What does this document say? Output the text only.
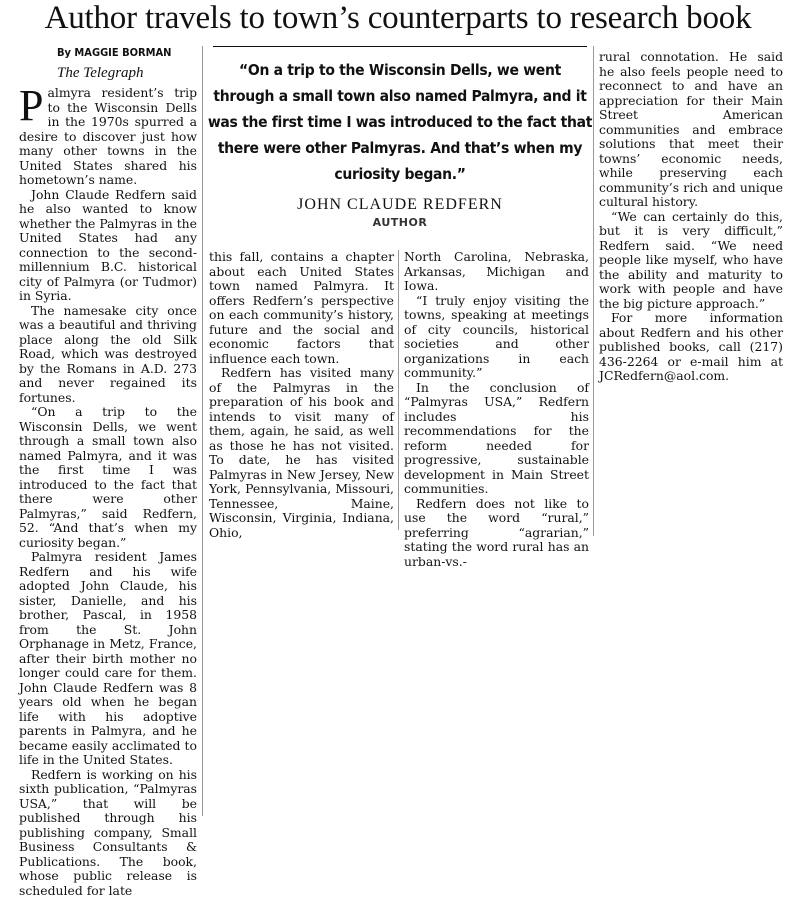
Author travels to town’s counterparts to research book
By MAGGIE BORMAN
The Telegraph

Palmyra resident’s trip to the Wisconsin Dells in the 1970s spurred a desire to discover just how many other towns in the United States shared his hometown’s name.

John Claude Redfern said he also wanted to know whether the Palmyras in the United States had any connection to the second-millennium B.C. historical city of Palmyra (or Tudmor) in Syria.

The namesake city once was a beautiful and thriving place along the old Silk Road, which was destroyed by the Romans in A.D. 273 and never regained its fortunes.

“On a trip to the Wisconsin Dells, we went through a small town also named Palmyra, and it was the first time I was introduced to the fact that there were other Palmyras,” said Redfern, 52. “And that’s when my curiosity began.”

Palmyra resident James Redfern and his wife adopted John Claude, his sister, Danielle, and his brother, Pascal, in 1958 from the St. John Orphanage in Metz, France, after their birth mother no longer could care for them. John Claude Redfern was 8 years old when he began life with his adoptive parents in Palmyra, and he became easily acclimated to life in the United States.

Redfern is working on his sixth publication, “Palmyras USA,” that will be published through his publishing company, Small Business Consultants & Publications. The book, whose public release is scheduled for late

“On a trip to the Wisconsin Dells, we went through a small town also named Palmyra, and it was the first time I was introduced to the fact that there were other Palmyras. And that’s when my curiosity began.”
JOHN CLAUDE REDFERN
AUTHOR

this fall, contains a chapter about each United States town named Palmyra. It offers Redfern’s perspective on each community’s history, future and the social and economic factors that influence each town.

Redfern has visited many of the Palmyras in the preparation of his book and intends to visit many of them, again, he said, as well as those he has not visited. To date, he has visited Palmyras in New Jersey, New York, Pennsylvania, Missouri, Tennessee, Maine, Wisconsin, Virginia, Indiana, Ohio,

North Carolina, Nebraska, Arkansas, Michigan and Iowa.

“I truly enjoy visiting the towns, speaking at meetings of city councils, historical societies and other organizations in each community.”

In the conclusion of “Palmyras USA,” Redfern includes his recommendations for the reform needed for progressive, sustainable development in Main Street communities.

Redfern does not like to use the word “rural,” preferring “agrarian,” stating the word rural has an urban-vs.-

rural connotation. He said he also feels people need to reconnect to and have an appreciation for their Main Street American communities and embrace solutions that meet their towns’ economic needs, while preserving each community’s rich and unique cultural history.

“We can certainly do this, but it is very difficult,” Redfern said. “We need people like myself, who have the ability and maturity to work with people and have the big picture approach.”

For more information about Redfern and his other published books, call (217) 436-2264 or e-mail him at JCRedfern@aol.com.
